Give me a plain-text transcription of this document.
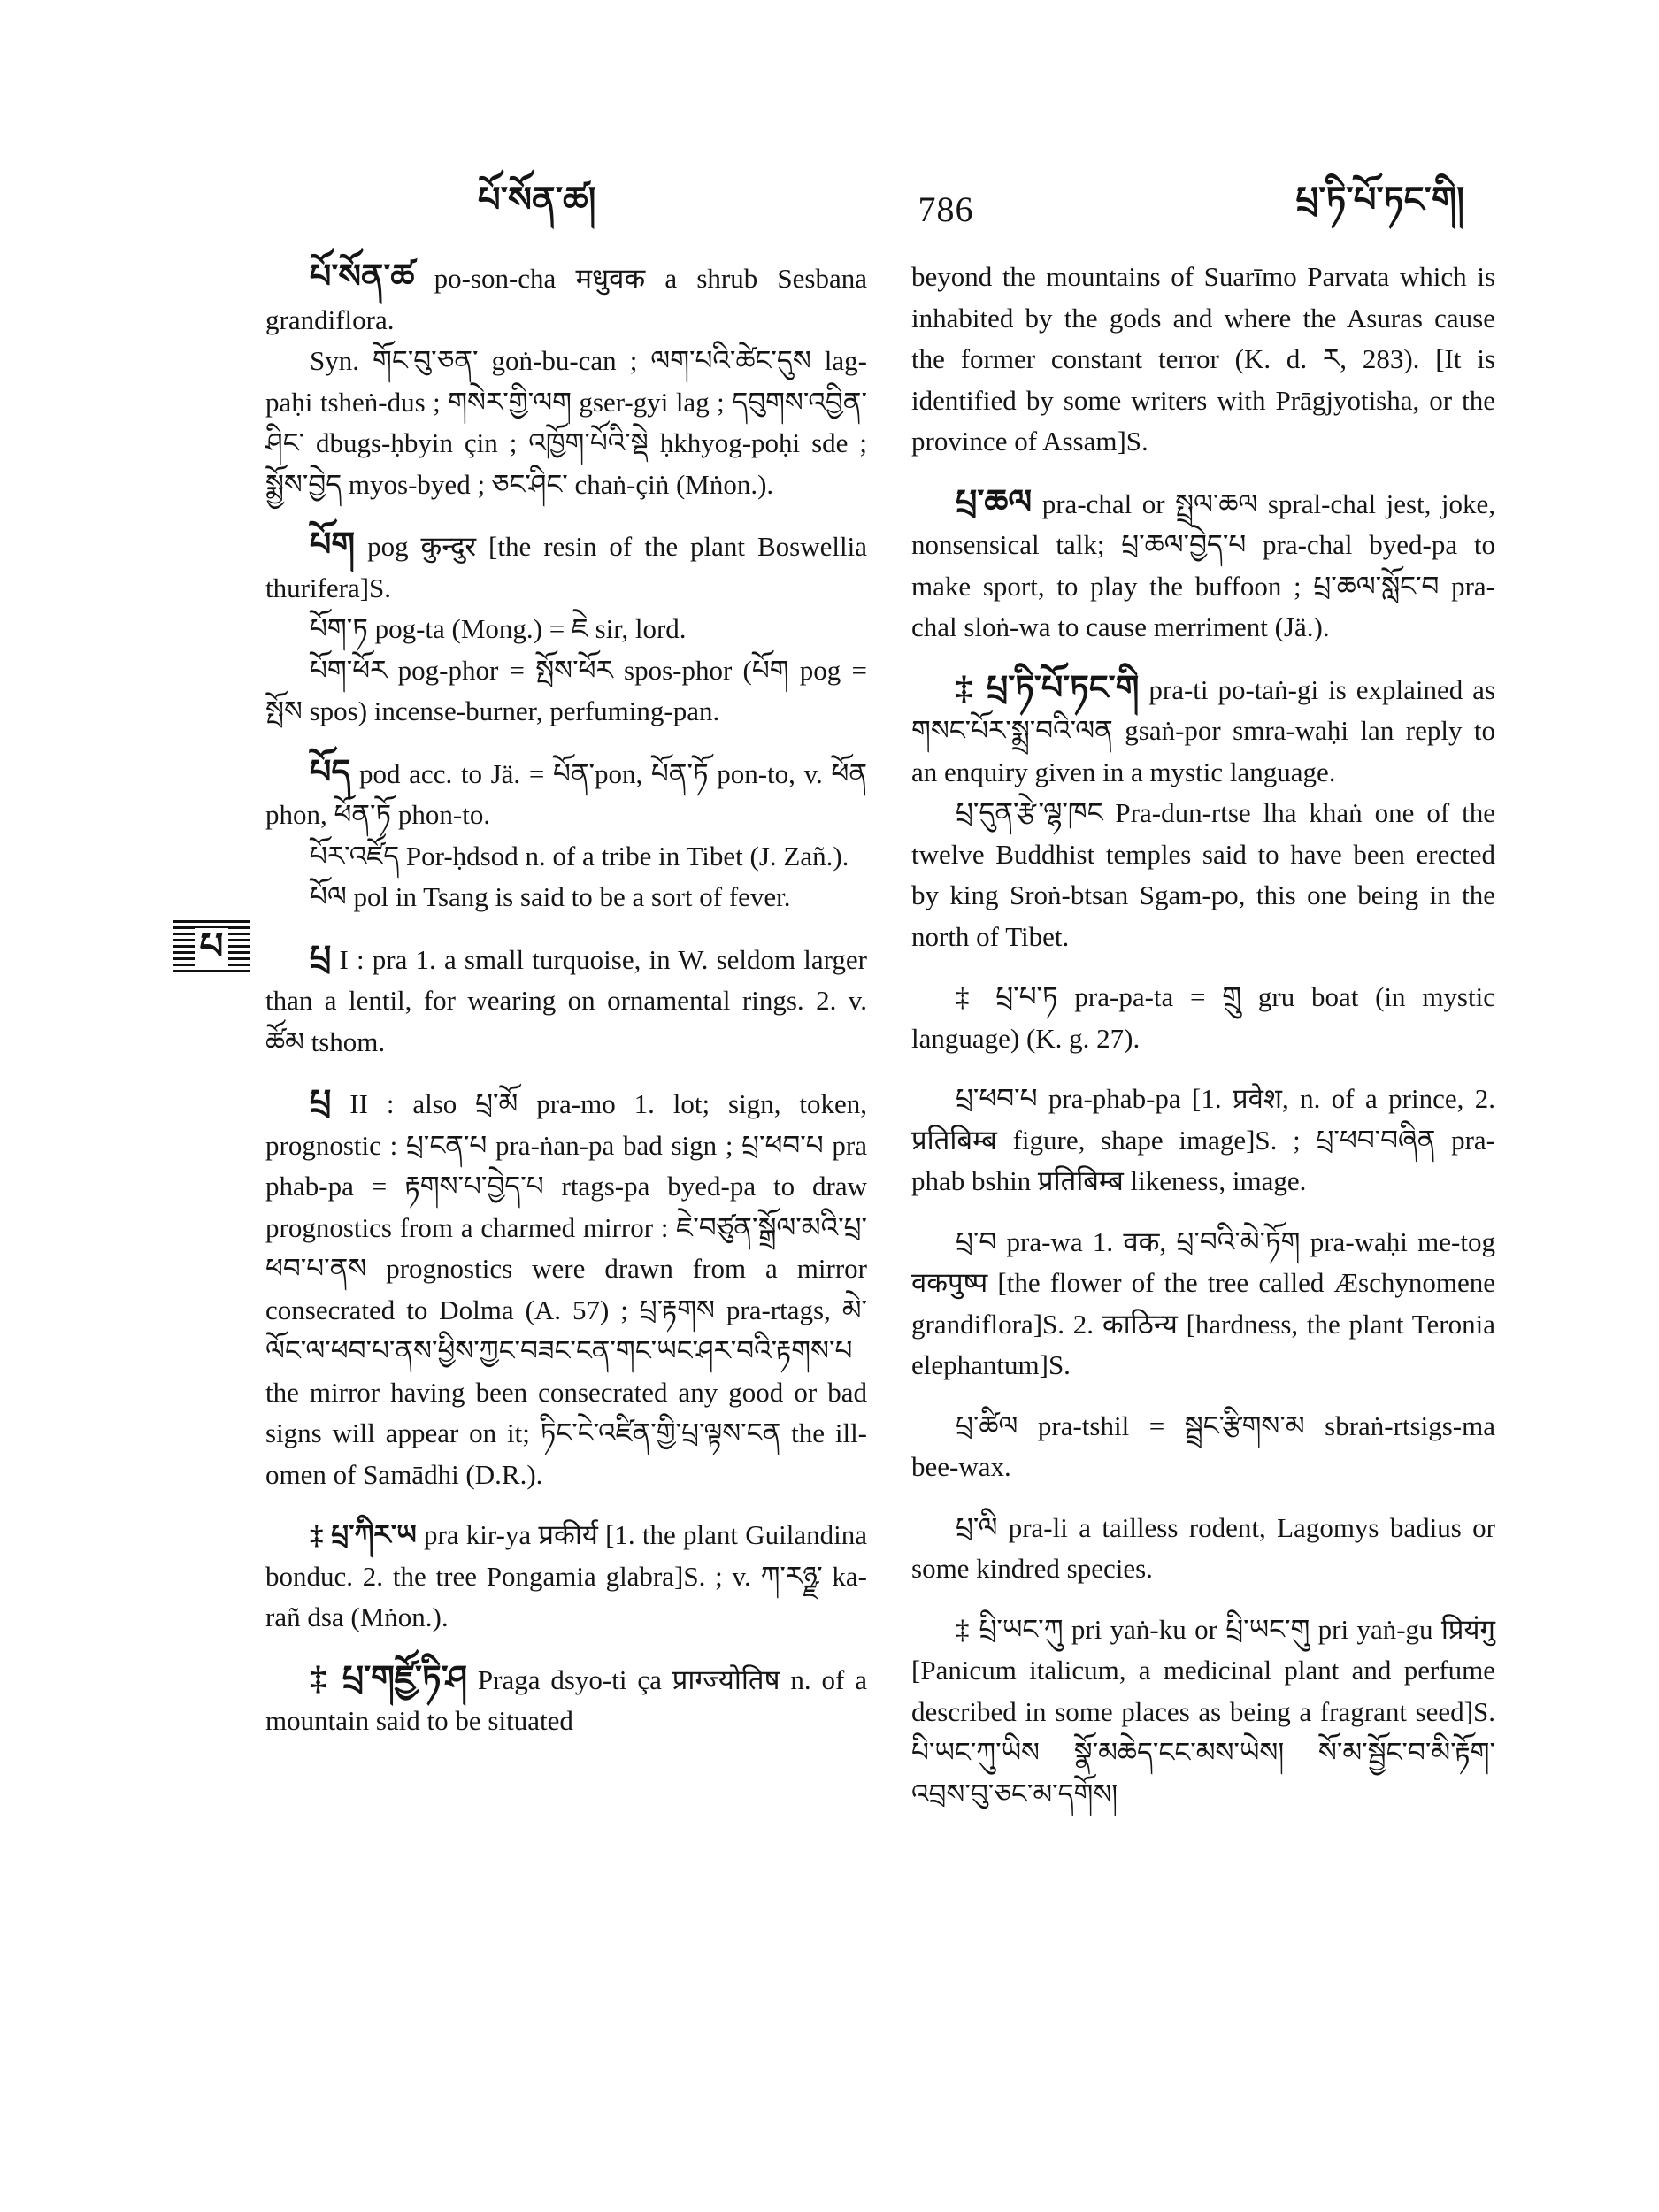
པོ་སོན་ཚ།	786	པྲ་ཏི་པོ་ཏང་གི།
པ

པོ་སོན་ཚ po-son-cha मधुवक a shrub Sesbana grandiflora.

Syn. གོང་བུ་ཅན་ goṅ-bu-can ; ལག་པའི་ཚེང་དུས lag-paḥi tsheṅ-dus ; གསེར་གྱི་ལག gser-gyi lag ; དབུགས་འབྱིན་ཤིང་ dbugs-ḥbyin çin ; འཁྱོག་པོའི་སྡེ ḥkhyog-poḥi sde ; སྨྱོས་བྱེད myos-byed ; ཅང་ཤིང་ chaṅ-çiṅ (Mṅon.).

པོག pog कुन्दुर [the resin of the plant Boswellia thurifera]S.

པོག་ཏ pog-ta (Mong.) = ཇེ sir, lord.

པོག་ཕོར pog-phor = སྤོས་ཕོར spos-phor (པོག pog = སྤོས spos) incense-burner, perfuming-pan.

པོད pod acc. to Jä. = པོན་pon, པོན་ཏོ pon-to, v. ཕོན phon, ཕོན་ཏོ phon-to.

པོར་འཛོད Por-ḥdsod n. of a tribe in Tibet (J. Zañ.).

པོལ pol in Tsang is said to be a sort of fever.

པྲ I : pra 1. a small turquoise, in W. seldom larger than a lentil, for wearing on ornamental rings. 2. v. ཚོམ tshom.

པྲ II : also པྲ་མོ pra-mo 1. lot; sign, token, prognostic : པྲ་ངན་པ pra-ṅan-pa bad sign ; པྲ་ཕབ་པ pra phab-pa = རྟགས་པ་བྱེད་པ rtags-pa byed-pa to draw prognostics from a charmed mirror : ཇེ་བཙུན་སྒྲོལ་མའི་པྲ་ཕབ་པ་ནས prognostics were drawn from a mirror consecrated to Dolma (A. 57) ; པྲ་རྟགས pra-rtags, མེ་ལོང་ལ་ཕབ་པ་ནས་ཕྱིས་ཀྱང་བཟང་ངན་གང་ཡང་ཤར་བའི་རྟགས་པ the mirror having been consecrated any good or bad signs will appear on it; ཏིང་ངེ་འཛིན་གྱི་པྲ་ལྟས་ངན the ill-omen of Samādhi (D.R.).

‡ པྲ་ཀིར་ཡ pra kir-ya प्रकीर्य [1. the plant Guilandina bonduc. 2. the tree Pongamia glabra]S. ; v. ཀ་རཉྫ་ ka-rañ dsa (Mṅon.).

‡ པྲ་གཛྱོ་ཏི་ཤ Praga dsyo-ti ça प्राग्ज्योतिष n. of a mountain said to be situated

beyond the mountains of Suarīmo Parvata which is inhabited by the gods and where the Asuras cause the former constant terror (K. d. ར, 283). [It is identified by some writers with Prāgjyotisha, or the province of Assam]S.

པྲ་ཆལ pra-chal or སྤྲལ་ཆལ spral-chal jest, joke, nonsensical talk; པྲ་ཆལ་བྱེད་པ pra-chal byed-pa to make sport, to play the buffoon ; པྲ་ཆལ་སློང་བ pra-chal sloṅ-wa to cause merriment (Jä.).

‡ པྲ་ཏི་པོ་ཏང་གི pra-ti po-taṅ-gi is explained as གསང་པོར་སྨྲ་བའི་ལན gsaṅ-por smra-waḥi lan reply to an enquiry given in a mystic language.

པྲ་དུན་རྩེ་ལྷ་ཁང Pra-dun-rtse lha khaṅ one of the twelve Buddhist temples said to have been erected by king Sroṅ-btsan Sgam-po, this one being in the north of Tibet.

‡ པྲ་པ་ཏ pra-pa-ta = གྲུ gru boat (in mystic language) (K. g. 27).

པྲ་ཕབ་པ pra-phab-pa [1. प्रवेश, n. of a prince, 2. प्रतिबिम्ब figure, shape image]S. ; པྲ་ཕབ་བཞིན pra-phab bshin प्रतिबिम्ब likeness, image.

པྲ་བ pra-wa 1. वक, པྲ་བའི་མེ་ཏོག pra-waḥi me-tog वकपुष्प [the flower of the tree called Æschynomene grandiflora]S. 2. काठिन्य [hardness, the plant Teronia elephantum]S.

པྲ་ཚིལ pra-tshil = སྦྲང་རྩིགས་མ sbraṅ-rtsigs-ma bee-wax.

པྲ་ལི pra-li a tailless rodent, Lagomys badius or some kindred species.

‡ པྲི་ཡང་ཀུ pri yaṅ-ku or པྲི་ཡང་གུ pri yaṅ-gu प्रियंगु [Panicum italicum, a medicinal plant and perfume described in some places as being a fragrant seed]S. པི་ཡང་ཀུ་ཡིས སྣོ་མཆེད་ངང་མས་ཡེས། སོ་མ་སྦྱོང་བ་མི་རྟོག་འབྲས་བུ་ཅང་མ་དགོས།
